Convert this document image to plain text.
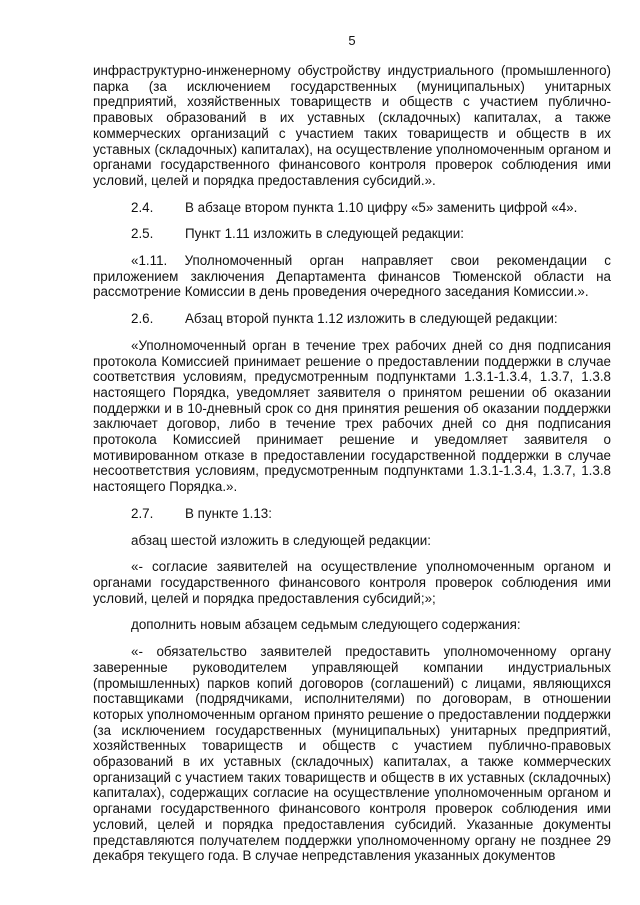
5

инфраструктурно-инженерному обустройству индустриального (промышленного) парка (за исключением государственных (муниципальных) унитарных предприятий, хозяйственных товариществ и обществ с участием публично-правовых образований в их уставных (складочных) капиталах, а также коммерческих организаций с участием таких товариществ и обществ в их уставных (складочных) капиталах), на осуществление уполномоченным органом и органами государственного финансового контроля проверок соблюдения ими условий, целей и порядка предоставления субсидий.».

2.4.	В абзаце втором пункта 1.10 цифру «5» заменить цифрой «4».
2.5.	Пункт 1.11 изложить в следующей редакции:

«1.11. Уполномоченный орган направляет свои рекомендации с приложением заключения Департамента финансов Тюменской области на рассмотрение Комиссии в день проведения очередного заседания Комиссии.».

2.6.	Абзац второй пункта 1.12 изложить в следующей редакции:

«Уполномоченный орган в течение трех рабочих дней со дня подписания протокола Комиссией принимает решение о предоставлении поддержки в случае соответствия условиям, предусмотренным подпунктами 1.3.1-1.3.4, 1.3.7, 1.3.8 настоящего Порядка, уведомляет заявителя о принятом решении об оказании поддержки и в 10-дневный срок со дня принятия решения об оказании поддержки заключает договор, либо в течение трех рабочих дней со дня подписания протокола Комиссией принимает решение и уведомляет заявителя о мотивированном отказе в предоставлении государственной поддержки в случае несоответствия условиям, предусмотренным подпунктами 1.3.1-1.3.4, 1.3.7, 1.3.8 настоящего Порядка.».

2.7.	В пункте 1.13:

абзац шестой изложить в следующей редакции:

«- согласие заявителей на осуществление уполномоченным органом и органами государственного финансового контроля проверок соблюдения ими условий, целей и порядка предоставления субсидий;»;

дополнить новым абзацем седьмым следующего содержания:

«- обязательство заявителей предоставить уполномоченному органу заверенные руководителем управляющей компании индустриальных (промышленных) парков копий договоров (соглашений) с лицами, являющихся поставщиками (подрядчиками, исполнителями) по договорам, в отношении которых уполномоченным органом принято решение о предоставлении поддержки (за исключением государственных (муниципальных) унитарных предприятий, хозяйственных товариществ и обществ с участием публично-правовых образований в их уставных (складочных) капиталах, а также коммерческих организаций с участием таких товариществ и обществ в их уставных (складочных) капиталах), содержащих согласие на осуществление уполномоченным органом и органами государственного финансового контроля проверок соблюдения ими условий, целей и порядка предоставления субсидий. Указанные документы представляются получателем поддержки уполномоченному органу не позднее 29 декабря текущего года. В случае непредставления указанных документов
